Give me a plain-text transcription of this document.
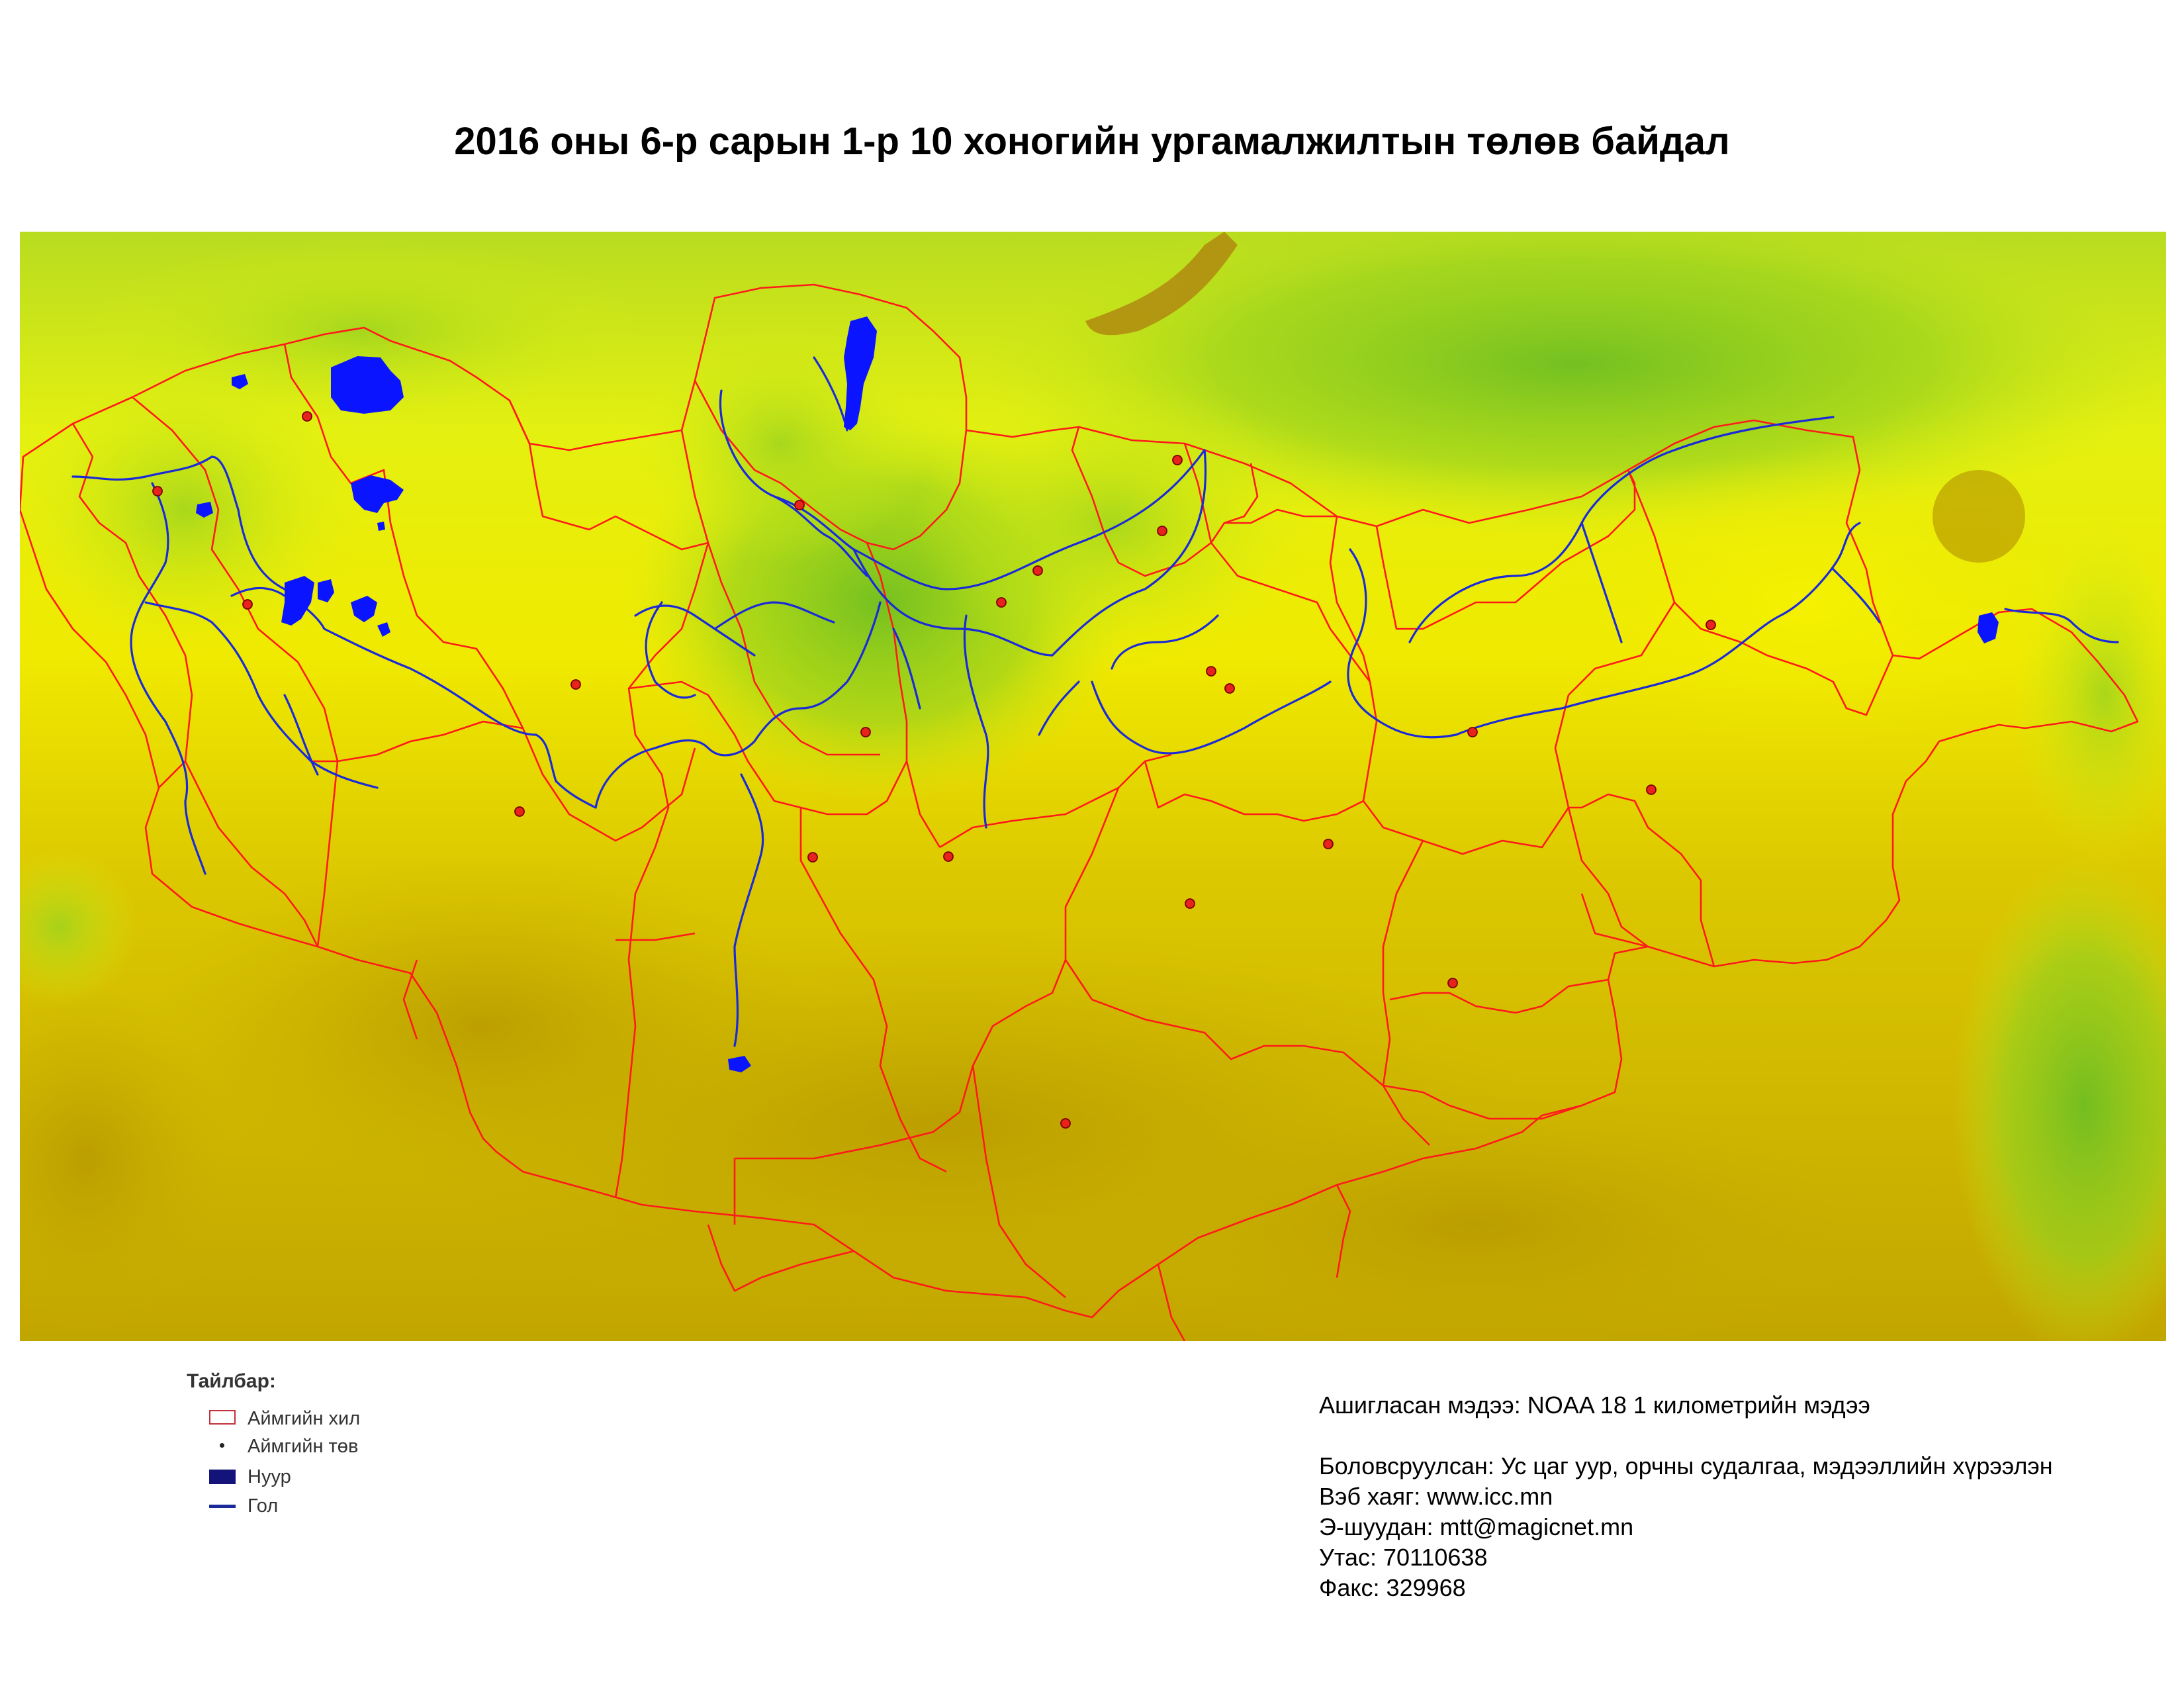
2016 оны 6-р сарын 1-р 10 хоногийн ургамалжилтын төлөв байдал
Тайлбар:
Аймгийн хил
Аймгийн төв
Нуур
Гол
Ашигласан мэдээ: NOAA 18 1 километрийн мэдээ
Боловсруулсан: Ус цаг уур, орчны судалгаа, мэдээллийн хүрээлэн
Вэб хаяг: www.icc.mn
Э-шуудан: mtt@magicnet.mn
Утас: 70110638
Факс: 329968
